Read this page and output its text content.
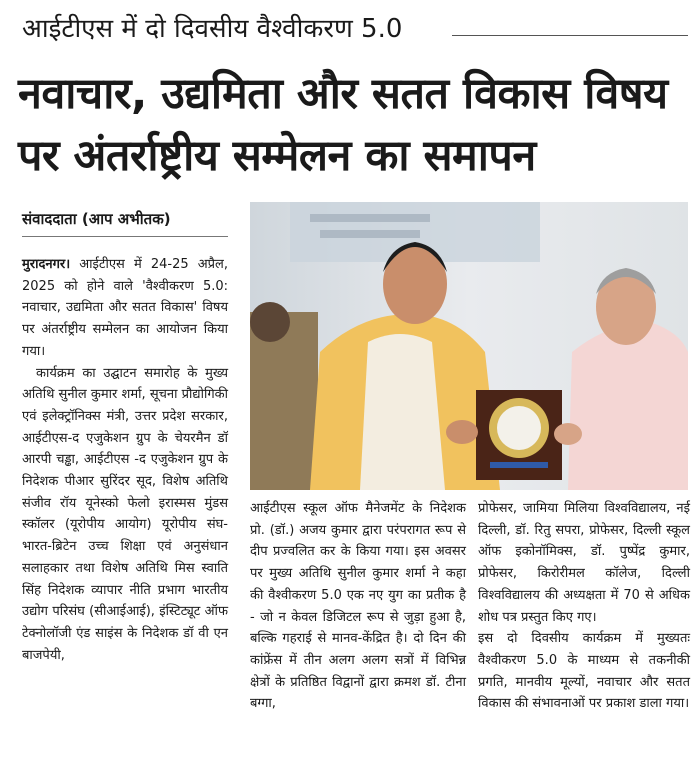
आईटीएस में दो दिवसीय वैश्वीकरण 5.0
नवाचार, उद्यमिता और सतत विकास विषय
पर अंतर्राष्ट्रीय सम्मेलन का समापन
संवाददाता (आप अभीतक)

मुरादनगर। आईटीएस में 24-25 अप्रैल, 2025 को होने वाले 'वैश्वीकरण 5.0: नवाचार, उद्यमिता और सतत विकास' विषय पर अंतर्राष्ट्रीय सम्मेलन का आयोजन किया गया।

कार्यक्रम का उद्घाटन समारोह के मुख्य अतिथि सुनील कुमार शर्मा, सूचना प्रौद्योगिकी एवं इलेक्ट्रॉनिक्स मंत्री, उत्तर प्रदेश सरकार, आईटीएस-द एजुकेशन ग्रुप के चेयरमैन डॉ आरपी चड्ढा, आईटीएस -द एजुकेशन ग्रुप के निदेशक पीआर सुरिंदर सूद, विशेष अतिथि संजीव रॉय यूनेस्को फेलो इरास्मस मुंडस स्कॉलर (यूरोपीय आयोग) यूरोपीय संघ-भारत-ब्रिटेन उच्च शिक्षा एवं अनुसंधान सलाहकार तथा विशेष अतिथि मिस स्वाति सिंह निदेशक व्यापार नीति प्रभाग भारतीय उद्योग परिसंघ (सीआईआई), इंस्टिट्यूट ऑफ टेक्नोलॉजी एंड साइंस के निदेशक डॉ वी एन बाजपेयी,

आईटीएस स्कूल ऑफ मैनेजमेंट के निदेशक प्रो. (डॉ.) अजय कुमार द्वारा परंपरागत रूप से दीप प्रज्वलित कर के किया गया। इस अवसर पर मुख्य अतिथि सुनील कुमार शर्मा ने कहा की वैश्वीकरण 5.0 एक नए युग का प्रतीक है - जो न केवल डिजिटल रूप से जुड़ा हुआ है, बल्कि गहराई से मानव-केंद्रित है। दो दिन की कांफ्रेंस में तीन अलग अलग सत्रों में विभिन्न क्षेत्रों के प्रतिष्ठित विद्वानों द्वारा क्रमश डॉ. टीना बग्गा,

प्रोफेसर, जामिया मिलिया विश्वविद्यालय, नई दिल्ली, डॉ. रितु सपरा, प्रोफेसर, दिल्ली स्कूल ऑफ इकोनॉमिक्स, डॉ. पुष्पेंद्र कुमार, प्रोफेसर, किरोरीमल कॉलेज, दिल्ली विश्वविद्यालय की अध्यक्षता में 70 से अधिक शोध पत्र प्रस्तुत किए गए।

इस दो दिवसीय कार्यक्रम में मुख्यतः वैश्वीकरण 5.0 के माध्यम से तकनीकी प्रगति, मानवीय मूल्यों, नवाचार और सतत विकास की संभावनाओं पर प्रकाश डाला गया।
